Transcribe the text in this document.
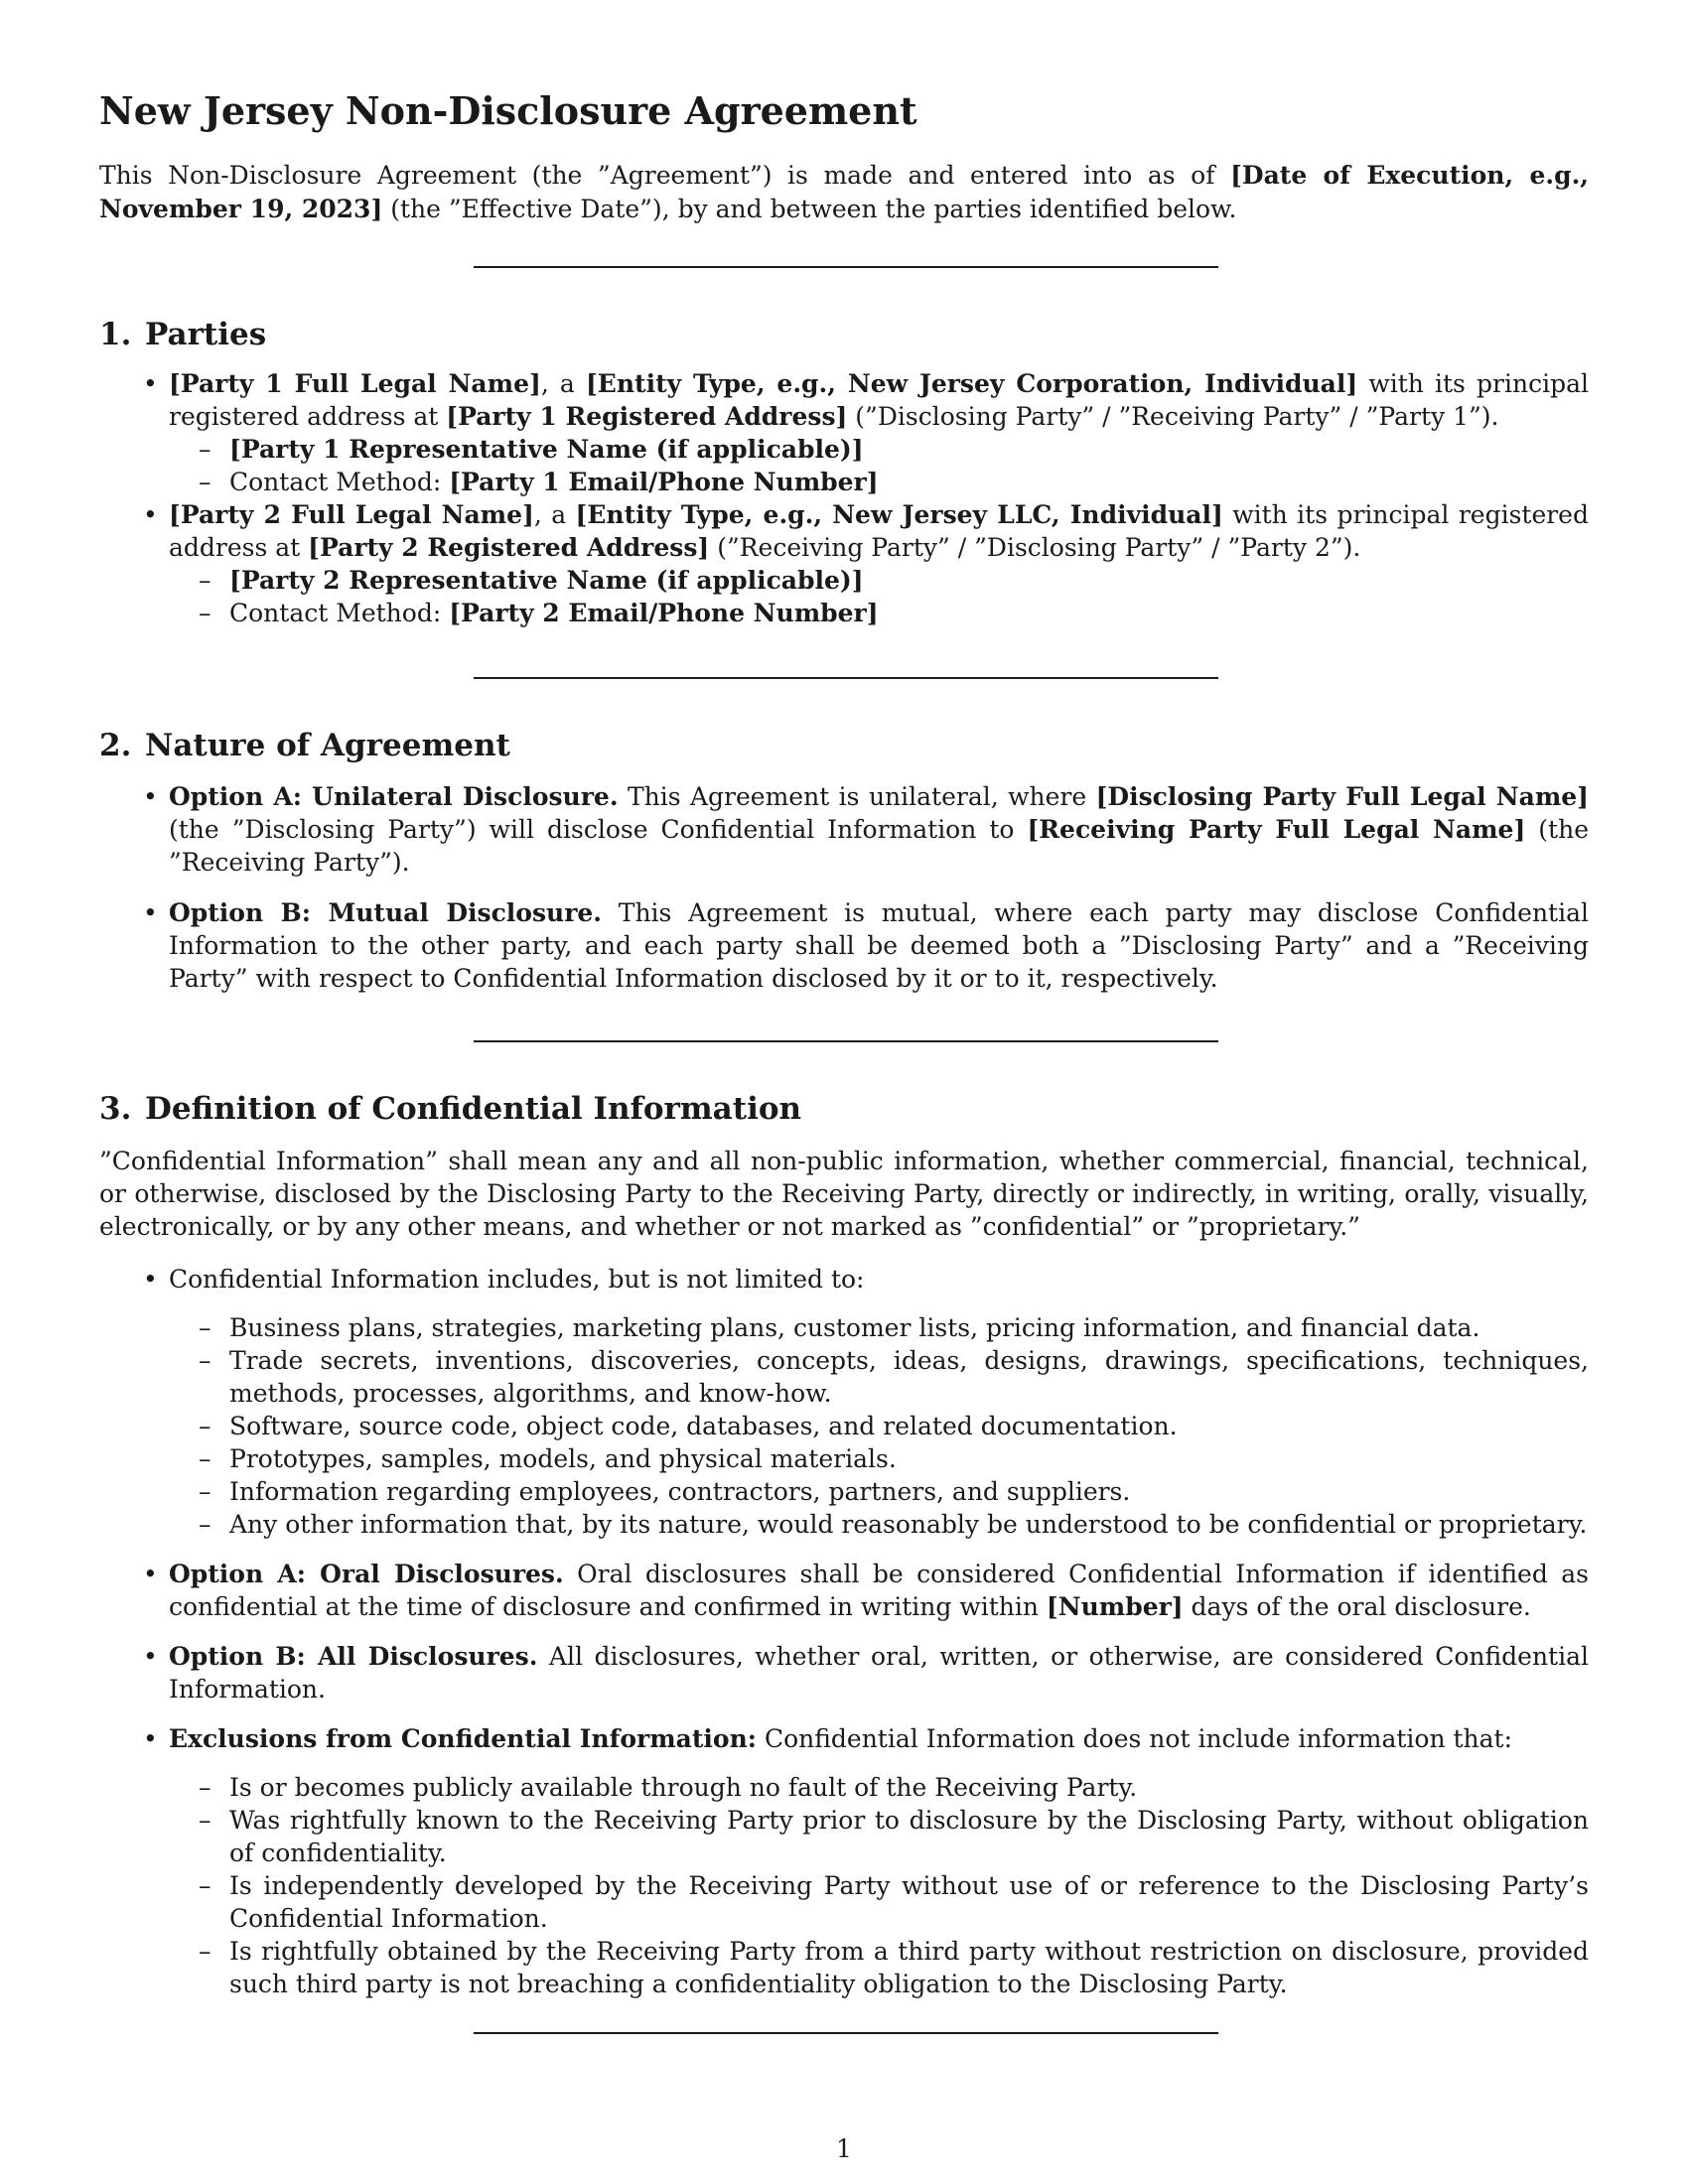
New Jersey Non-Disclosure Agreement

This Non-Disclosure Agreement (the ”Agreement”) is made and entered into as of [Date of Execution, e.g., November 19, 2023] (the ”Effective Date”), by and between the parties identified below.

1. Parties
• [Party 1 Full Legal Name], a [Entity Type, e.g., New Jersey Corporation, Individual] with its principal registered address at [Party 1 Registered Address] (”Disclosing Party” / ”Receiving Party” / ”Party 1”).
– [Party 1 Representative Name (if applicable)]
– Contact Method: [Party 1 Email/Phone Number]
• [Party 2 Full Legal Name], a [Entity Type, e.g., New Jersey LLC, Individual] with its principal registered address at [Party 2 Registered Address] (”Receiving Party” / ”Disclosing Party” / ”Party 2”).
– [Party 2 Representative Name (if applicable)]
– Contact Method: [Party 2 Email/Phone Number]
2. Nature of Agreement
• Option A: Unilateral Disclosure. This Agreement is unilateral, where [Disclosing Party Full Legal Name] (the ”Disclosing Party”) will disclose Confidential Information to [Receiving Party Full Legal Name] (the ”Receiving Party”).
• Option B: Mutual Disclosure. This Agreement is mutual, where each party may disclose Confidential Information to the other party, and each party shall be deemed both a ”Disclosing Party” and a ”Receiving Party” with respect to Confidential Information disclosed by it or to it, respectively.
3. Definition of Confidential Information

”Confidential Information” shall mean any and all non-public information, whether commercial, financial, technical, or otherwise, disclosed by the Disclosing Party to the Receiving Party, directly or indirectly, in writing, orally, visually, electronically, or by any other means, and whether or not marked as ”confidential” or ”proprietary.”

• Confidential Information includes, but is not limited to:
– Business plans, strategies, marketing plans, customer lists, pricing information, and financial data.
– Trade secrets, inventions, discoveries, concepts, ideas, designs, drawings, specifications, techniques, methods, processes, algorithms, and know-how.
– Software, source code, object code, databases, and related documentation.
– Prototypes, samples, models, and physical materials.
– Information regarding employees, contractors, partners, and suppliers.
– Any other information that, by its nature, would reasonably be understood to be confidential or proprietary.
• Option A: Oral Disclosures. Oral disclosures shall be considered Confidential Information if identified as confidential at the time of disclosure and confirmed in writing within [Number] days of the oral disclosure.
• Option B: All Disclosures. All disclosures, whether oral, written, or otherwise, are considered Confidential Information.
• Exclusions from Confidential Information: Confidential Information does not include information that:
– Is or becomes publicly available through no fault of the Receiving Party.
– Was rightfully known to the Receiving Party prior to disclosure by the Disclosing Party, without obligation of confidentiality.
– Is independently developed by the Receiving Party without use of or reference to the Disclosing Party’s Confidential Information.
– Is rightfully obtained by the Receiving Party from a third party without restriction on disclosure, provided such third party is not breaching a confidentiality obligation to the Disclosing Party.
1
